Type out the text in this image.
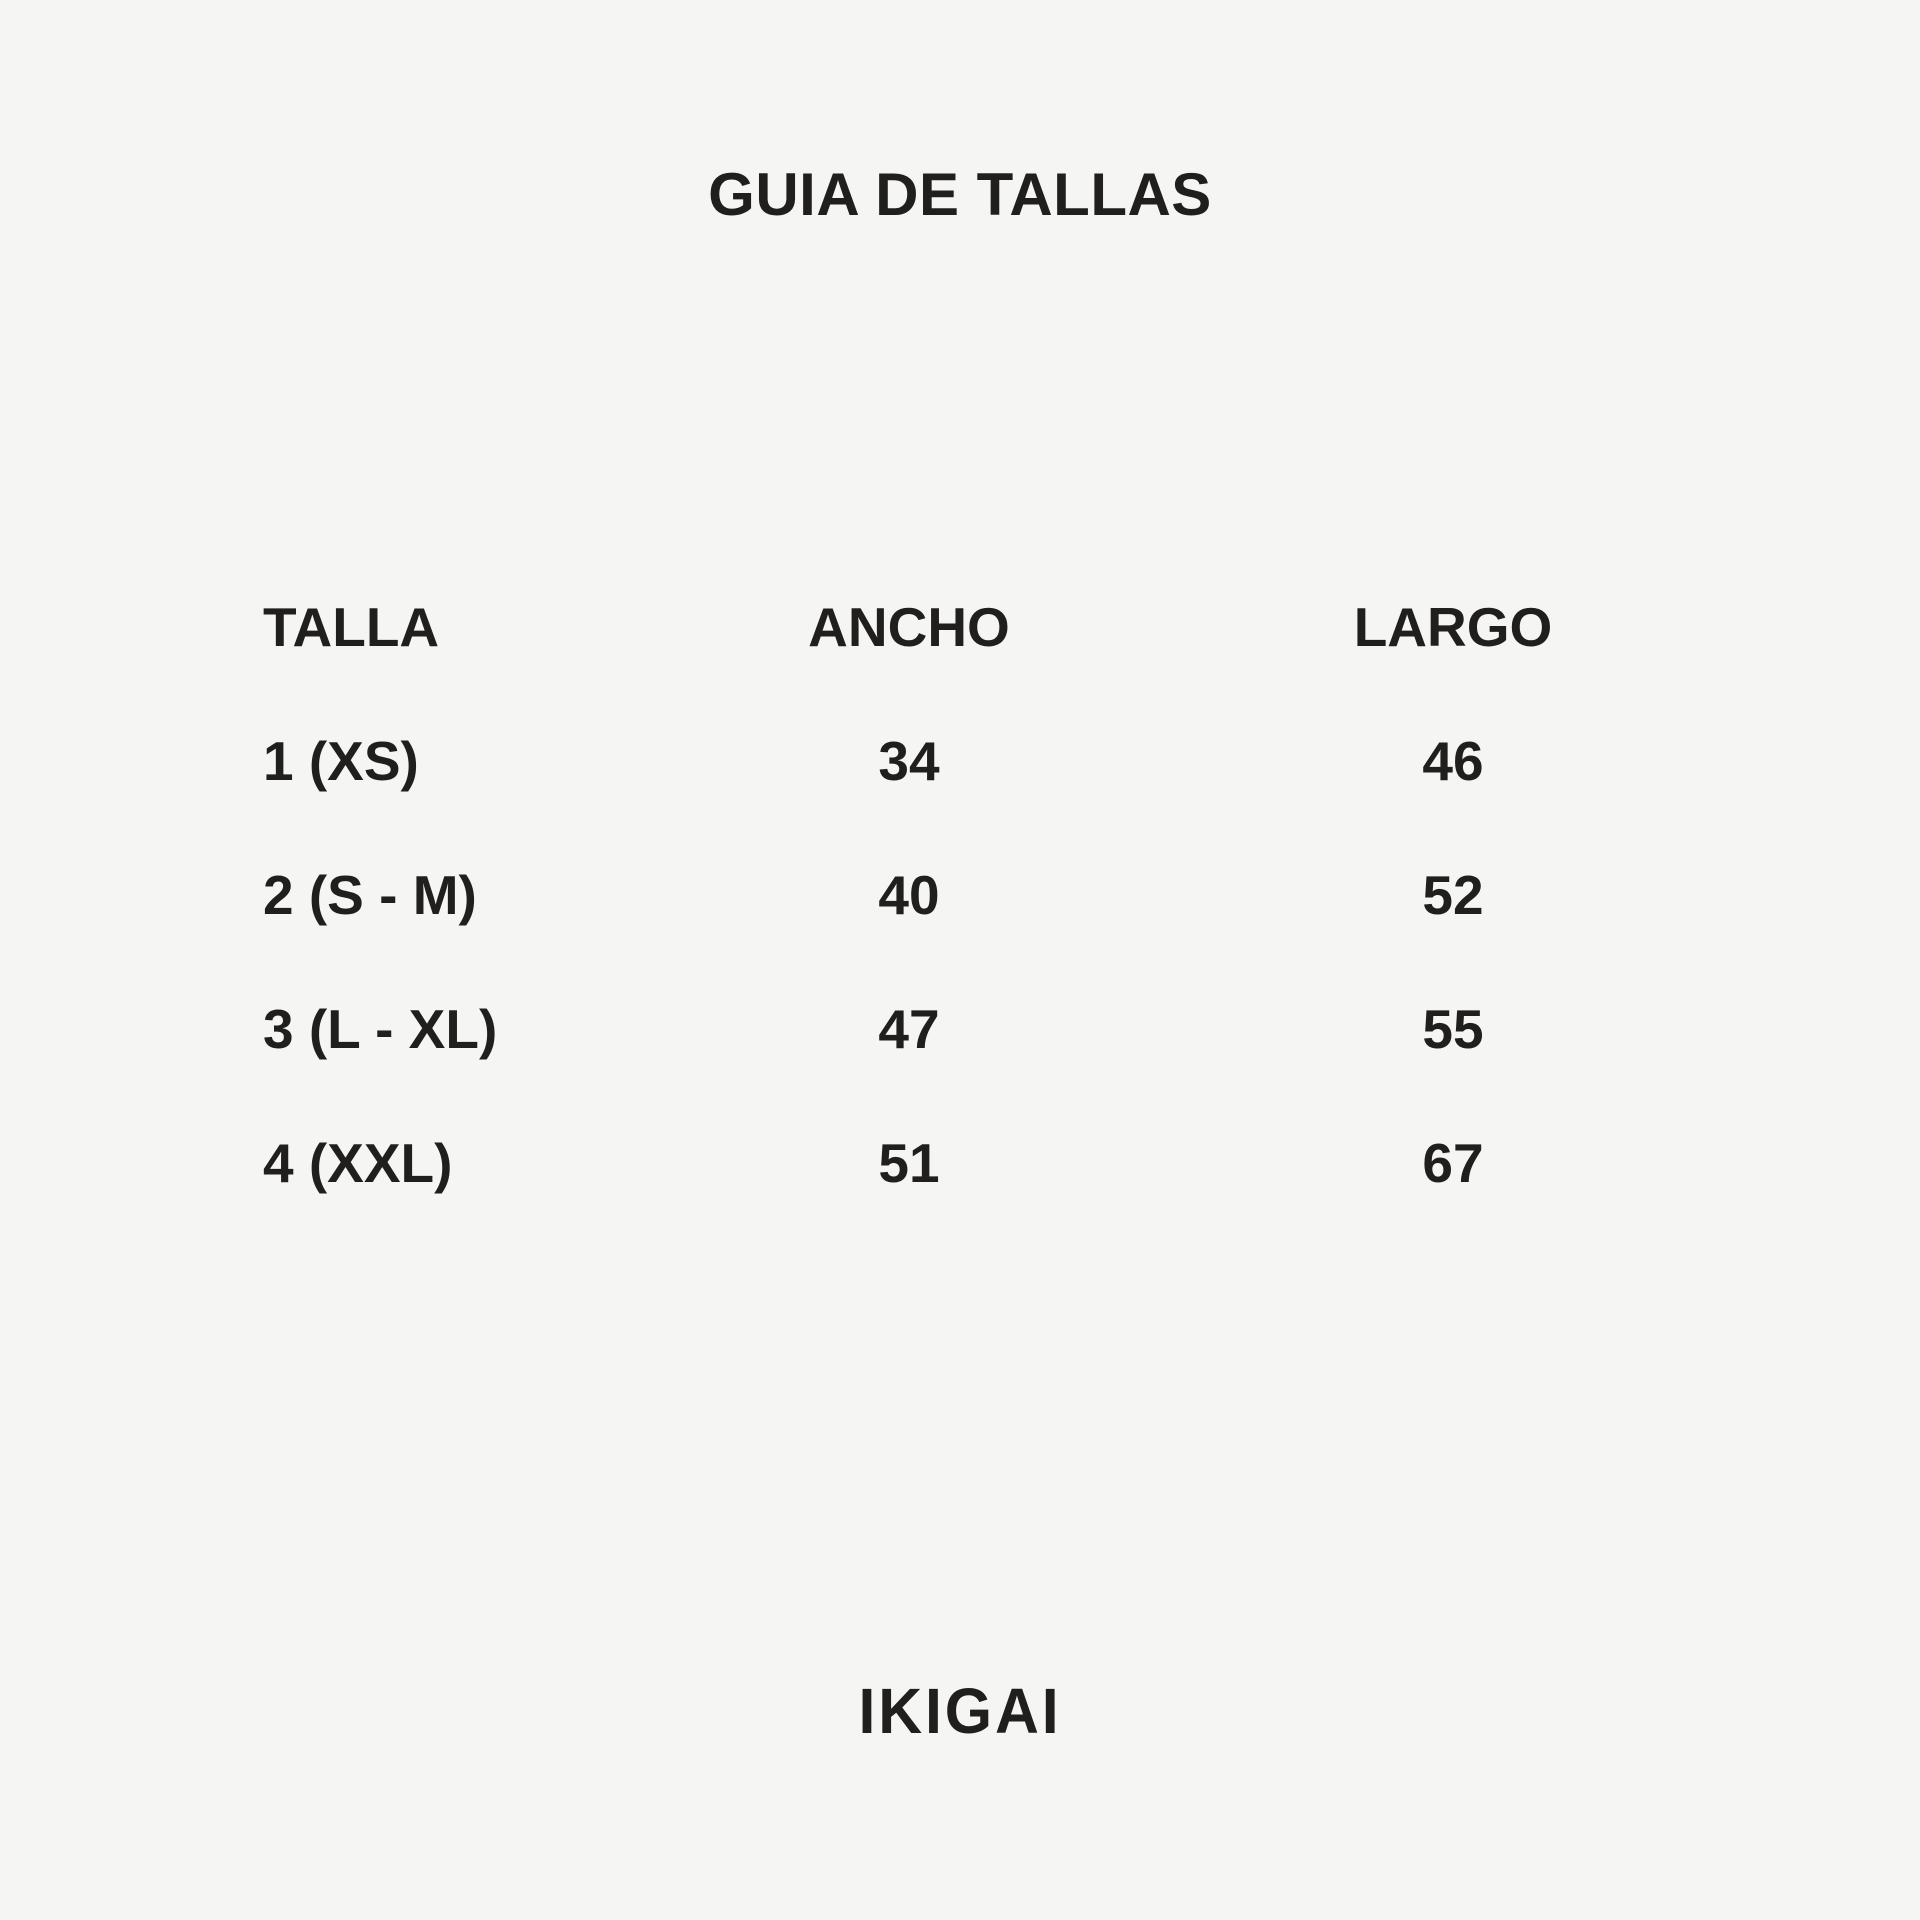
GUIA DE TALLAS
TALLA	ANCHO	LARGO
1 (XS)	34	46
2 (S - M)	40	52
3 (L - XL)	47	55
4 (XXL)	51	67
IKIGAI
